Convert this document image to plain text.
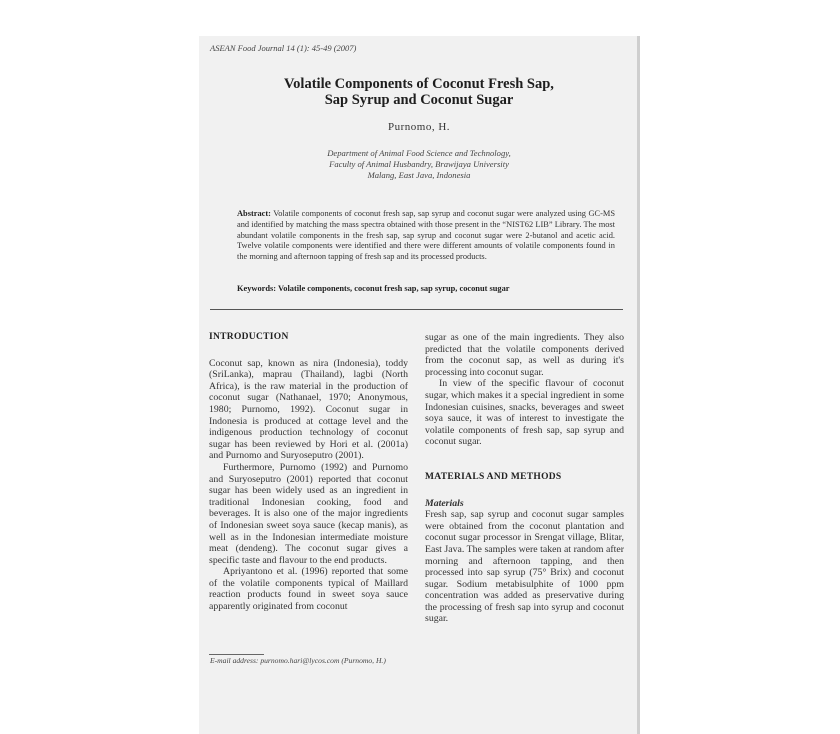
ASEAN Food Journal 14 (1): 45-49 (2007)
Volatile Components of Coconut Fresh Sap,
Sap Syrup and Coconut Sugar
Purnomo, H.
Department of Animal Food Science and Technology,
Faculty of Animal Husbandry, Brawijaya University
Malang, East Java, Indonesia
Abstract: Volatile components of coconut fresh sap, sap syrup and coconut sugar were analyzed using GC-MS and identified by matching the mass spectra obtained with those present in the “NIST62 LIB” Library. The most abundant volatile components in the fresh sap, sap syrup and coconut sugar were 2-butanol and acetic acid. Twelve volatile components were identified and there were different amounts of volatile components found in the morning and afternoon tapping of fresh sap and its processed products.
Keywords: Volatile components, coconut fresh sap, sap syrup, coconut sugar

INTRODUCTION

Coconut sap, known as nira (Indonesia), toddy (SriLanka), maprau (Thailand), lagbi (North Africa), is the raw material in the production of coconut sugar (Nathanael, 1970; Anonymous, 1980; Purnomo, 1992). Coconut sugar in Indonesia is produced at cottage level and the indigenous production technology of coconut sugar has been reviewed by Hori et al. (2001a) and Purnomo and Suryoseputro (2001).

Furthermore, Purnomo (1992) and Purnomo and Suryoseputro (2001) reported that coconut sugar has been widely used as an ingredient in traditional Indonesian cooking, food and beverages. It is also one of the major ingredients of Indonesian sweet soya sauce (kecap manis), as well as in the Indonesian intermediate moisture meat (dendeng). The coconut sugar gives a specific taste and flavour to the end products.

Apriyantono et al. (1996) reported that some of the volatile components typical of Maillard reaction products found in sweet soya sauce apparently originated from coconut

sugar as one of the main ingredients. They also predicted that the volatile components derived from the coconut sap, as well as during it's processing into coconut sugar.

In view of the specific flavour of coconut sugar, which makes it a special ingredient in some Indonesian cuisines, snacks, beverages and sweet soya sauce, it was of interest to investigate the volatile components of fresh sap, sap syrup and coconut sugar.

MATERIALS AND METHODS

Materials

Fresh sap, sap syrup and coconut sugar samples were obtained from the coconut plantation and coconut sugar processor in Srengat village, Blitar, East Java. The samples were taken at random after morning and afternoon tapping, and then processed into sap syrup (75° Brix) and coconut sugar. Sodium metabisulphite of 1000 ppm concentration was added as preservative during the processing of fresh sap into syrup and coconut sugar.

E-mail address: purnomo.hari@lycos.com (Purnomo, H.)
